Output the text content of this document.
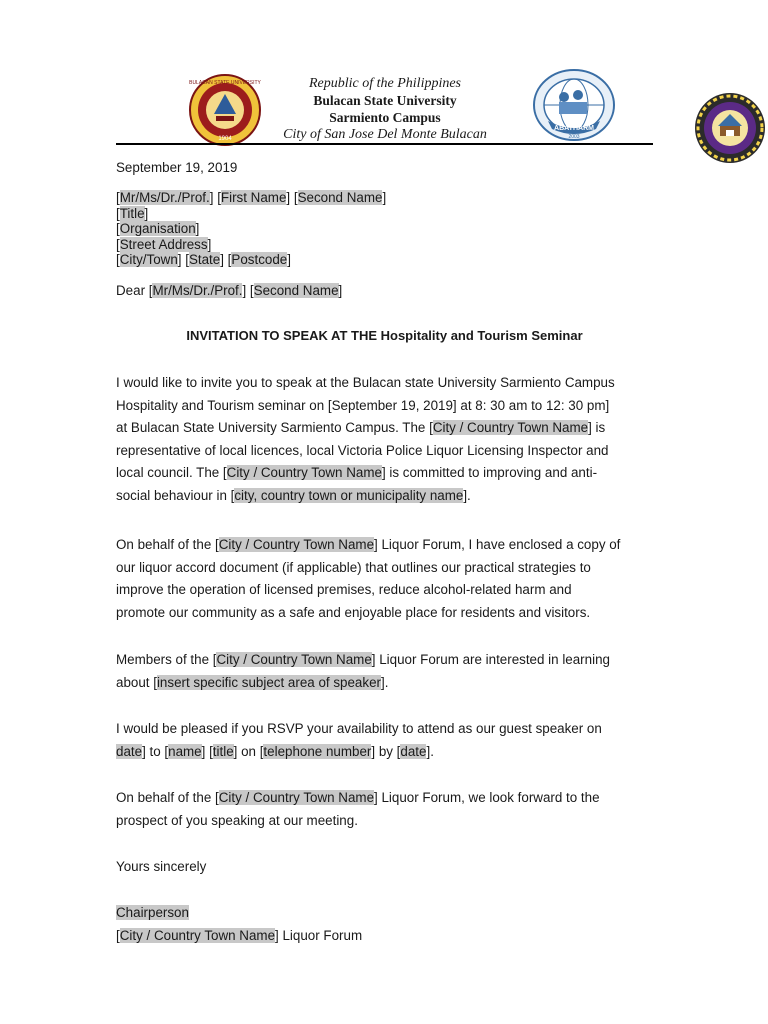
BULACAN STATE UNIVERSITY
1904
Republic of the Philippines
Bulacan State University
Sarmiento Campus
City of San Jose Del Monte Bulacan	ABATHARM
2003
September 19, 2019
[Mr/Ms/Dr./Prof.] [First Name] [Second Name]
[Title]
[Organisation]
[Street Address]
[City/Town] [State] [Postcode]
Dear [Mr/Ms/Dr./Prof.] [Second Name]
INVITATION TO SPEAK AT THE Hospitality and Tourism Seminar
I would like to invite you to speak at the Bulacan state University Sarmiento Campus
Hospitality and Tourism seminar on [September 19, 2019] at 8: 30 am to 12: 30 pm]
at Bulacan State University Sarmiento Campus. The [City / Country Town Name] is
representative of local licences, local Victoria Police Liquor Licensing Inspector and
local council. The [City / Country Town Name] is committed to improving and anti-
social behaviour in [city, country town or municipality name].
On behalf of the [City / Country Town Name] Liquor Forum, I have enclosed a copy of
our liquor accord document (if applicable) that outlines our practical strategies to
improve the operation of licensed premises, reduce alcohol-related harm and
promote our community as a safe and enjoyable place for residents and visitors.
Members of the [City / Country Town Name] Liquor Forum are interested in learning
about [insert specific subject area of speaker].
I would be pleased if you RSVP your availability to attend as our guest speaker on
date] to [name] [title] on [telephone number] by [date].
On behalf of the [City / Country Town Name] Liquor Forum, we look forward to the
prospect of you speaking at our meeting.
Yours sincerely
Chairperson
[City / Country Town Name] Liquor Forum
